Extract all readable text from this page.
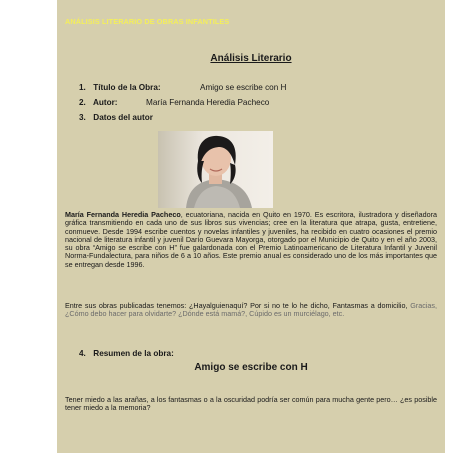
ANÁLISIS LITERARIO DE OBRAS INFANTILES
Análisis Literario
1. Título de la Obra:	Amigo se escribe con H
2. Autor:	María Fernanda Heredia Pacheco
3. Datos del autor
María Fernanda Heredia Pacheco, ecuatoriana, nacida en Quito en 1970. Es escritora, ilustradora y diseñadora gráfica transmitiendo en cada uno de sus libros sus vivencias; cree en la literatura que atrapa, gusta, entretiene, conmueve. Desde 1994 escribe cuentos y novelas infantiles y juveniles, ha recibido en cuatro ocasiones el premio nacional de literatura infantil y juvenil Darío Guevara Mayorga, otorgado por el Municipio de Quito y en el año 2003, su obra “Amigo se escribe con H” fue galardonada con el Premio Latinoamericano de Literatura Infantil y Juvenil Norma-Fundalectura, para niños de 6 a 10 años. Este premio anual es considerado uno de los más importantes que se entregan desde 1996.
Entre sus obras publicadas tenemos: ¿Hayalguienaquí? Por si no te lo he dicho, Fantasmas a domicilio, Gracias, ¿Cómo debo hacer para olvidarte? ¿Dónde está mamá?, Cúpido es un murciélago, etc.
4. Resumen de la obra:
Amigo se escribe con H
Tener miedo a las arañas, a los fantasmas o a la oscuridad podría ser común para mucha gente pero… ¿es posible tener miedo a la memoria?
